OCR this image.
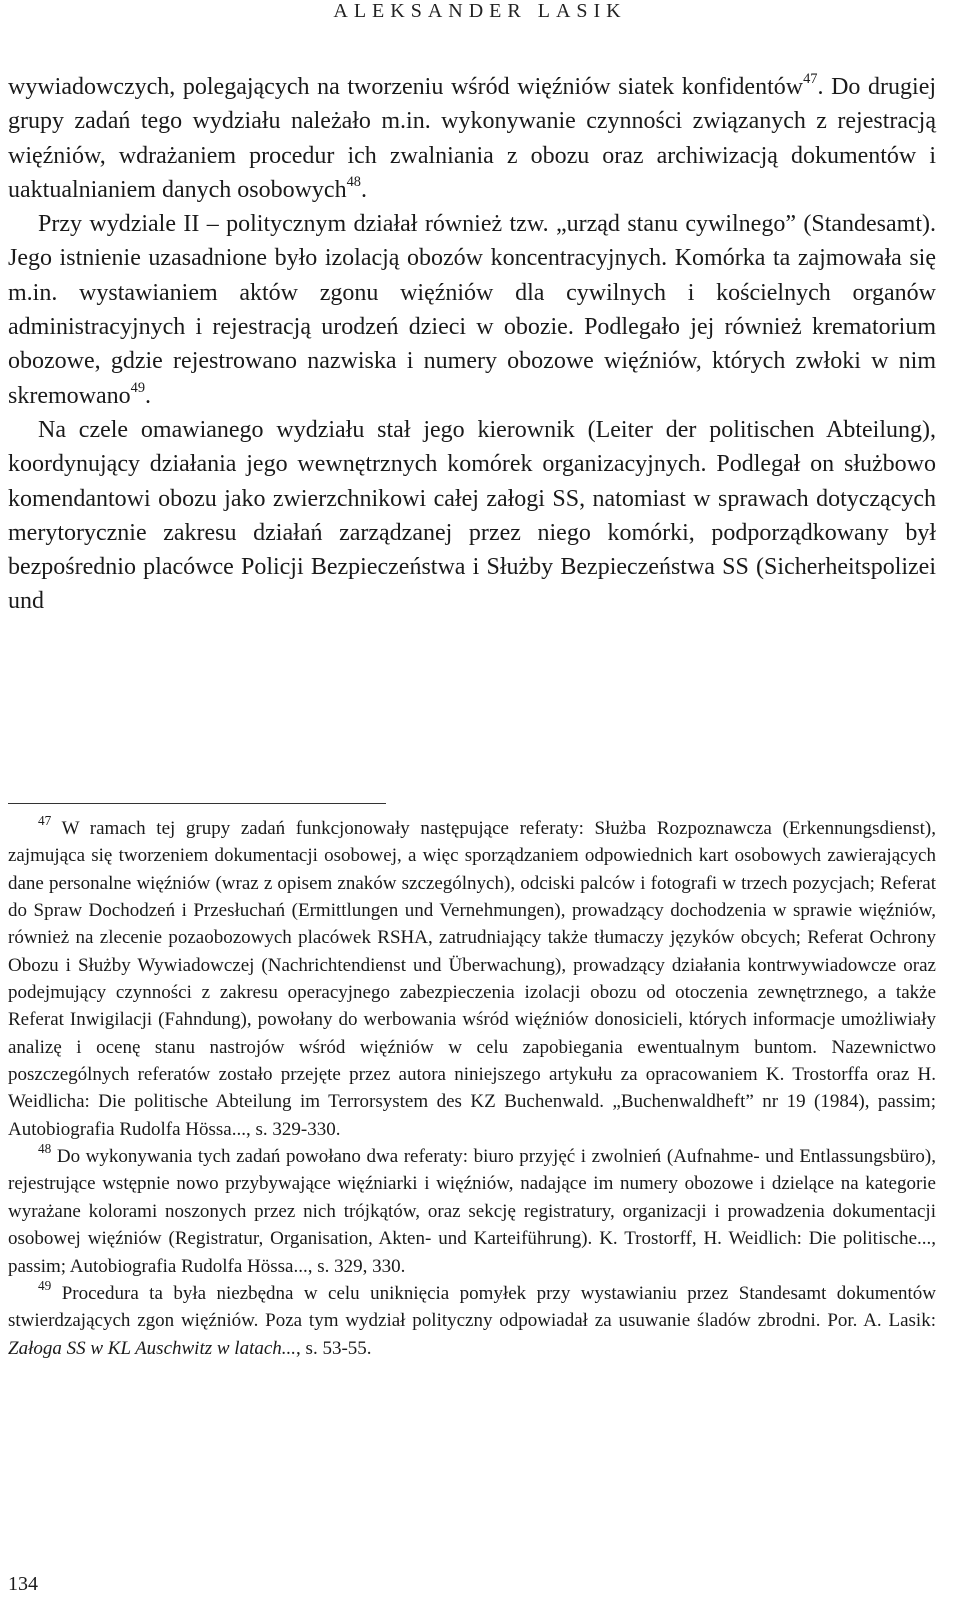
ALEKSANDER LASIK

wywiadowczych, polegających na tworzeniu wśród więźniów siatek konfidentów$^{47}$. Do drugiej grupy zadań tego wydziału należało m.in. wykonywanie czynności związanych z rejestracją więźniów, wdrażaniem procedur ich zwalniania z obozu oraz archiwizacją dokumentów i uaktualnianiem danych osobowych$^{48}$.

Przy wydziale II – politycznym działał również tzw. „urząd stanu cywilnego” (Standesamt). Jego istnienie uzasadnione było izolacją obozów koncentracyjnych. Komórka ta zajmowała się m.in. wystawianiem aktów zgonu więźniów dla cywilnych i kościelnych organów administracyjnych i rejestracją urodzeń dzieci w obozie. Podlegało jej również krematorium obozowe, gdzie rejestrowano nazwiska i numery obozowe więźniów, których zwłoki w nim skremowano$^{49}$.

Na czele omawianego wydziału stał jego kierownik (Leiter der politischen Abteilung), koordynujący działania jego wewnętrznych komórek organizacyjnych. Podlegał on służbowo komendantowi obozu jako zwierzchnikowi całej załogi SS, natomiast w sprawach dotyczących merytorycznie zakresu działań zarządzanej przez niego komórki, podporządkowany był bezpośrednio placówce Policji Bezpieczeństwa i Służby Bezpieczeństwa SS (Sicherheitspolizei und

$^{47}$ W ramach tej grupy zadań funkcjonowały następujące referaty: Służba Rozpoznawcza (Erkennungsdienst), zajmująca się tworzeniem dokumentacji osobowej, a więc sporządzaniem odpowiednich kart osobowych zawierających dane personalne więźniów (wraz z opisem znaków szczególnych), odciski palców i fotografi w trzech pozycjach; Referat do Spraw Dochodzeń i Przesłuchań (Ermittlungen und Vernehmungen), prowadzący dochodzenia w sprawie więźniów, również na zlecenie pozaobozowych placówek RSHA, zatrudniający także tłumaczy języków obcych; Referat Ochrony Obozu i Służby Wywiadowczej (Nachrichtendienst und Überwachung), prowadzący działania kontrwywiadowcze oraz podejmujący czynności z zakresu operacyjnego zabezpieczenia izolacji obozu od otoczenia zewnętrznego, a także Referat Inwigilacji (Fahndung), powołany do werbowania wśród więźniów donosicieli, których informacje umożliwiały analizę i ocenę stanu nastrojów wśród więźniów w celu zapobiegania ewentualnym buntom. Nazewnictwo poszczególnych referatów zostało przejęte przez autora niniejszego artykułu za opracowaniem K. Trostorffa oraz H. Weidlicha: Die politische Abteilung im Terrorsystem des KZ Buchenwald. „Buchenwaldheft” nr 19 (1984), passim; Autobiografia Rudolfa Hössa..., s. 329-330.

$^{48}$ Do wykonywania tych zadań powołano dwa referaty: biuro przyjęć i zwolnień (Aufnahme- und Entlassungsbüro), rejestrujące wstępnie nowo przybywające więźniarki i więźniów, nadające im numery obozowe i dzielące na kategorie wyrażane kolorami noszonych przez nich trójkątów, oraz sekcję registratury, organizacji i prowadzenia dokumentacji osobowej więźniów (Registratur, Organisation, Akten- und Karteiführung). K. Trostorff, H. Weidlich: Die politische..., passim; Autobiografia Rudolfa Hössa..., s. 329, 330.

$^{49}$ Procedura ta była niezbędna w celu uniknięcia pomyłek przy wystawianiu przez Standesamt dokumentów stwierdzających zgon więźniów. Poza tym wydział polityczny odpowiadał za usuwanie śladów zbrodni. Por. A. Lasik: Załoga SS w KL Auschwitz w latach..., s. 53-55.

134
